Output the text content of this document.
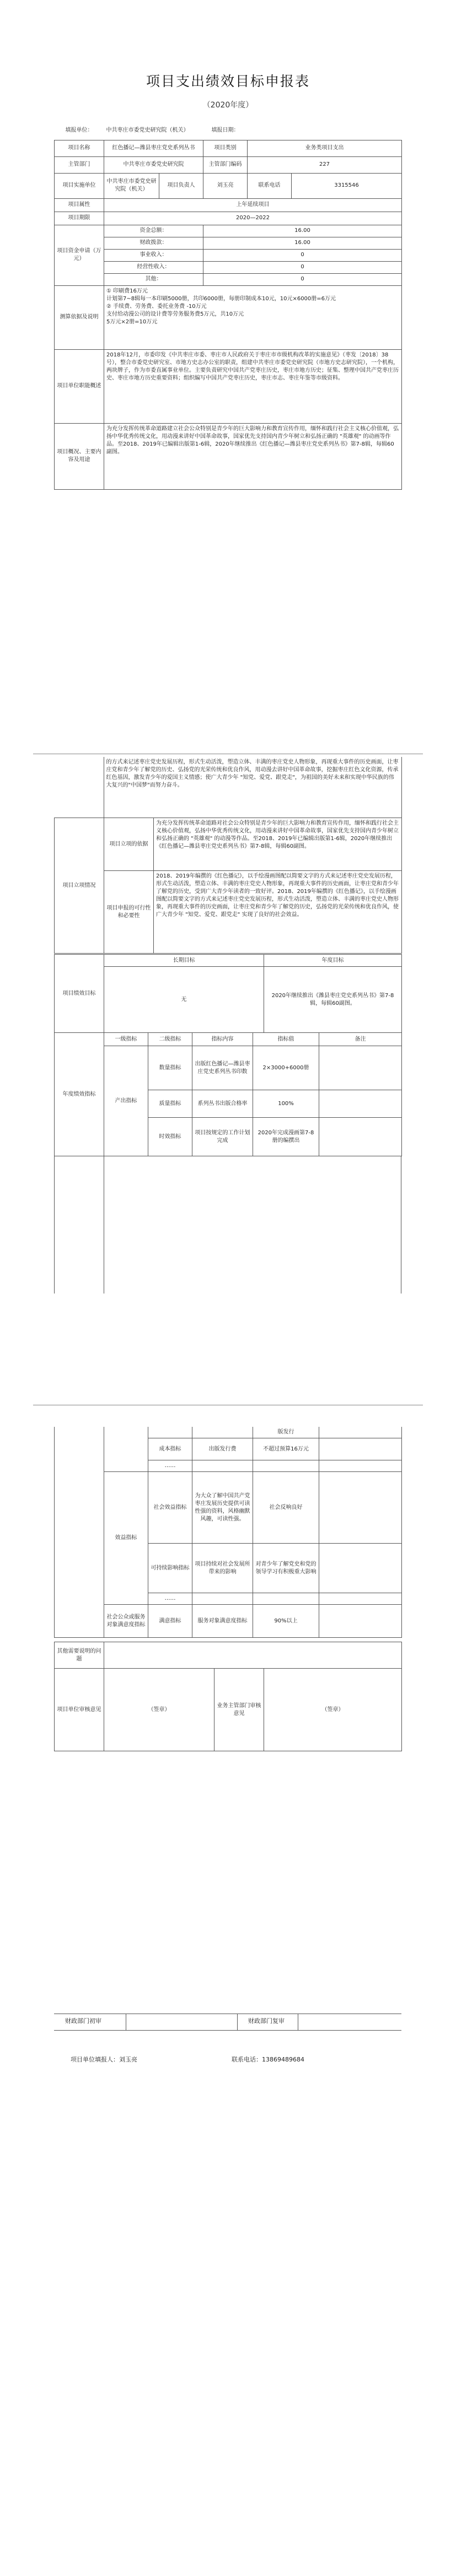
项目支出绩效目标申报表
（2020年度）
填报单位：	中共枣庄市委党史研究院（机关）		填报日期：		
项目名称	红色播记—潍县枣庄党史系列丛书		项目类别	业务类项目支出	
主管部门	中共枣庄市委党史研究院		主管部门编码	227	
项目实施单位	中共枣庄市委党史研究院（机关）	项目负责人	刘玉亮	联系电话	3315546
项目属性	上年延续项目				
项目期限	2020—2022				
项目资金申请（万元）	资金总额：		16.00		
	财政拨款：		16.00		
	事业收入：		0		
	经营性收入：		0		
	其他：		0		
测算依据及说明	① 印刷费16万元
计划第7~8辑每一本印刷5000册，共印6000册，每册印制成本10元，10元×6000册=6万元
② 手续费、劳务费、委托业务费 -10万元
支付给动漫公司的设计费等劳务服务费5万元，共10万元
5万元×2册=10万元				
项目单位职能概述	2018年12月，市委印发《中共枣庄市委、枣庄市人民政府关于枣庄市市级机构改革的实施意见》（枣发〔2018〕38号），整合市委党史研究室、市地方史志办公室的职责，组建中共枣庄市委党史研究院（市地方史志研究院），一个机构，两块牌子，作为市委直属事业单位。主要负责研究中国共产党枣庄历史，枣庄市地方历史；征集、整理中国共产党枣庄历史、枣庄市地方历史重要资料；组织编写中国共产党枣庄历史，枣庄市志、枣庄年鉴等市级资料。				
项目概况、主要内容及用途	为充分发挥传统革命道路建立社会公众特别是青少年的巨大影响力和教育宣传作用，缅怀和践行社会主义核心价值观，弘扬中华优秀传统文化，用动漫来讲好中国革命故事，国家优先支持国内青少年树立和弘扬正确的 "英雄观" 的动画等作品。至2018、2019年已编辑出版第1-6辑，2020年继续推出《红色播记—潍县枣庄党史系列丛书》第7-8辑，每辑60副图。				
	的方式来记述枣庄党史发展历程，形式生动活泼，塑造立体、丰满的枣庄党史人物形象，再现重大事件的历史画面，让枣庄党和青少年了解党的历史、弘扬党的光荣传统和优良作风，用动漫去讲好中国革命故事，挖掘枣庄红色文化资源，传承红色基因，激发青少年的爱国主义情感；使广大青少年 "知党、爱党、跟党走"，为祖国的美好未来和实现中华民族的伟大复兴的"中国梦"而努力奋斗。
项目立项情况	项目立项的依据	为充分发挥传统革命道路对社会公众特别是青少年的巨大影响力和教育宣传作用，缅怀和践行社会主义核心价值观，弘扬中华优秀传统文化，用动漫来讲好中国革命故事，国家优先支持国内青少年树立和弘扬正确的 "英雄观" 的动漫等作品。至2018、2019年已编辑出版第1-6辑，2020年继续推出《红色播记—潍县枣庄党史系列丛书》第7-8辑，每辑60副图。
	项目申报的可行性和必要性	2018、2019年编撰的《红色播记》，以手绘漫画图配以简要文字的方式来记述枣庄党史发展历程，形式生动活泼，塑造立体、丰满的枣庄党史人物形象，再现重大事件的历史画面，让枣庄党和青少年了解党的历史，受到广大青少年读者的一致好评。2018、2019年编撰的《红色播记》，以手绘漫画图配以简要文字的方式来记述枣庄党史发展历程，形式生动活泼，塑造立体、丰满的枣庄党史人物形象，再现重大事件的历史画面，让枣庄党和青少年了解党的历史，弘扬党的光荣传统和优良作风，使广大青少年 "知党、爱党、跟党走" 实现了良好的社会效益。
项目绩效目标	长期目标	年度目标
	无	2020年继续推出《潍县枣庄党史系列丛书》第7-8辑，每辑60副图。
年度绩效指标	一级指标	二级指标	指标内容	指标值	备注
	产出指标	数量指标	出版红色播记—潍县枣庄党史系列丛书印数	2×3000+6000册	
		质量指标	系列丛书出版合格率	100%	
		时效指标	项目按规定的工作计划完成	2020年完成漫画第7-8册的编撰出	
				版发行	
		成本指标	出版发行费	不超过预算16万元	
		……			
	效益指标	社会效益指标	为大众了解中国共产党枣庄发展历史提供可读性强的资料，风格幽默风趣，可读性强。	社会反响良好	
		可持续影响指标	项目持续对社会发展所带来的影响	对青少年了解党史和党的领导学习有积极重大影响	
		……			
	社会公众或服务对象满意度指标	满意指标	服务对象满意度指标	90%以上	
其他需要说明的问题			
项目单位审核意见	（签章）	业务主管部门审核意见	（签章）
财政部门初审	财政部门复审
项目单位填报人：刘玉亮	联系电话：13869489684
